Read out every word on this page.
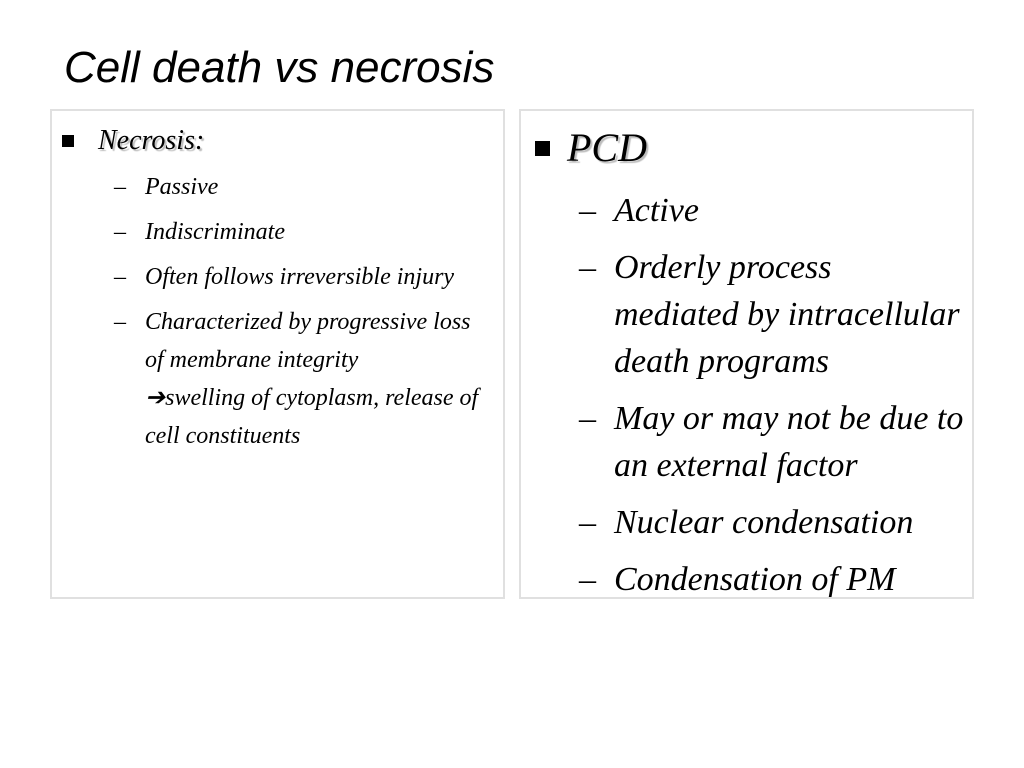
Cell death vs necrosis
Necrosis:
– Passive
– Indiscriminate
– Often follows irreversible injury
– Characterized by progressive loss of membrane integrity
➔swelling of cytoplasm, release of cell constituents
PCD
– Active
– Orderly process mediated by intracellular death programs
– May or may not be due to an external factor
– Nuclear condensation
– Condensation of PM
